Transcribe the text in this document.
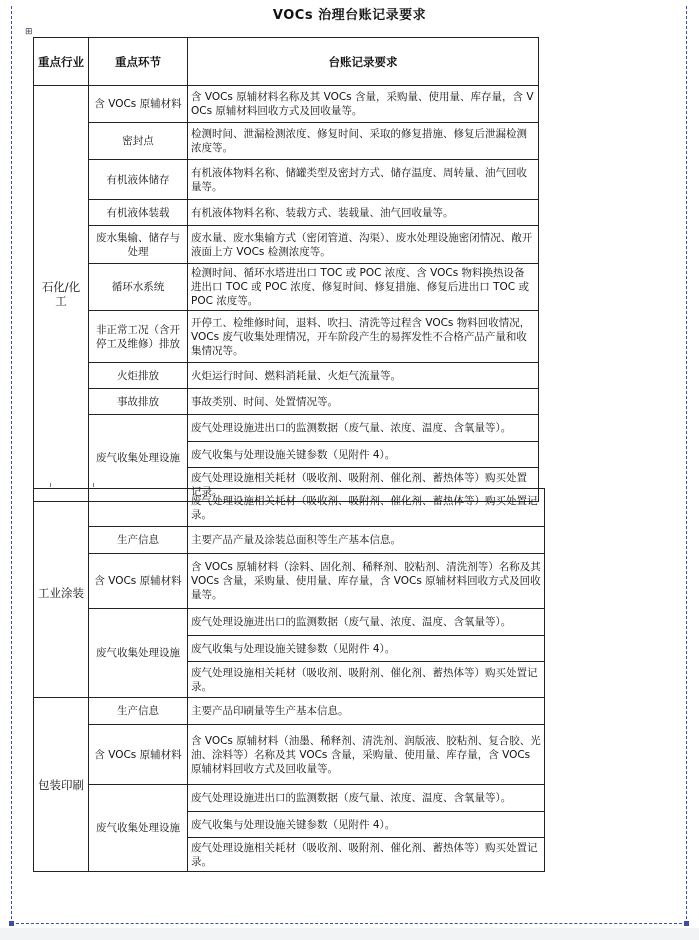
⊞
VOCs 治理台账记录要求
重点行业	重点环节	台账记录要求
石化/化工	含 VOCs 原辅材料	含 VOCs 原辅材料名称及其 VOCs 含量，采购量、使用量、库存量，含 VOCs 原辅材料回收方式及回收量等。
	密封点	检测时间、泄漏检测浓度、修复时间、采取的修复措施、修复后泄漏检测浓度等。
	有机液体储存	有机液体物料名称、储罐类型及密封方式、储存温度、周转量、油气回收量等。
	有机液体装载	有机液体物料名称、装载方式、装载量、油气回收量等。
	废水集输、储存与处理	废水量、废水集输方式（密闭管道、沟渠）、废水处理设施密闭情况、敞开液面上方 VOCs 检测浓度等。
	循环水系统	检测时间、循环水塔进出口 TOC 或 POC 浓度、含 VOCs 物料换热设备进出口 TOC 或 POC 浓度、修复时间、修复措施、修复后进出口 TOC 或 POC 浓度等。
	非正常工况（含开停工及维修）排放	开停工、检维修时间，退料、吹扫、清洗等过程含 VOCs 物料回收情况，VOCs 废气收集处理情况，开车阶段产生的易挥发性不合格产品产量和收集情况等。
	火炬排放	火炬运行时间、燃料消耗量、火炬气流量等。
	事故排放	事故类别、时间、处置情况等。
	废气收集处理设施	废气处理设施进出口的监测数据（废气量、浓度、温度、含氧量等）。
		废气收集与处理设施关键参数（见附件 4）。
		废气处理设施相关耗材（吸收剂、吸附剂、催化剂、蓄热体等）购买处置记录。
工业涂装		废气处理设施相关耗材（吸收剂、吸附剂、催化剂、蓄热体等）购买处置记录。
	生产信息	主要产品产量及涂装总面积等生产基本信息。
	含 VOCs 原辅材料	含 VOCs 原辅材料（涂料、固化剂、稀释剂、胶粘剂、清洗剂等）名称及其 VOCs 含量，采购量、使用量、库存量，含 VOCs 原辅材料回收方式及回收量等。
	废气收集处理设施	废气处理设施进出口的监测数据（废气量、浓度、温度、含氧量等）。
		废气收集与处理设施关键参数（见附件 4）。
		废气处理设施相关耗材（吸收剂、吸附剂、催化剂、蓄热体等）购买处置记录。
包装印刷	生产信息	主要产品印刷量等生产基本信息。
	含 VOCs 原辅材料	含 VOCs 原辅材料（油墨、稀释剂、清洗剂、润版液、胶粘剂、复合胶、光油、涂料等）名称及其 VOCs 含量，采购量、使用量、库存量，含 VOCs 原辅材料回收方式及回收量等。
	废气收集处理设施	废气处理设施进出口的监测数据（废气量、浓度、温度、含氧量等）。
		废气收集与处理设施关键参数（见附件 4）。
		废气处理设施相关耗材（吸收剂、吸附剂、催化剂、蓄热体等）购买处置记录。
